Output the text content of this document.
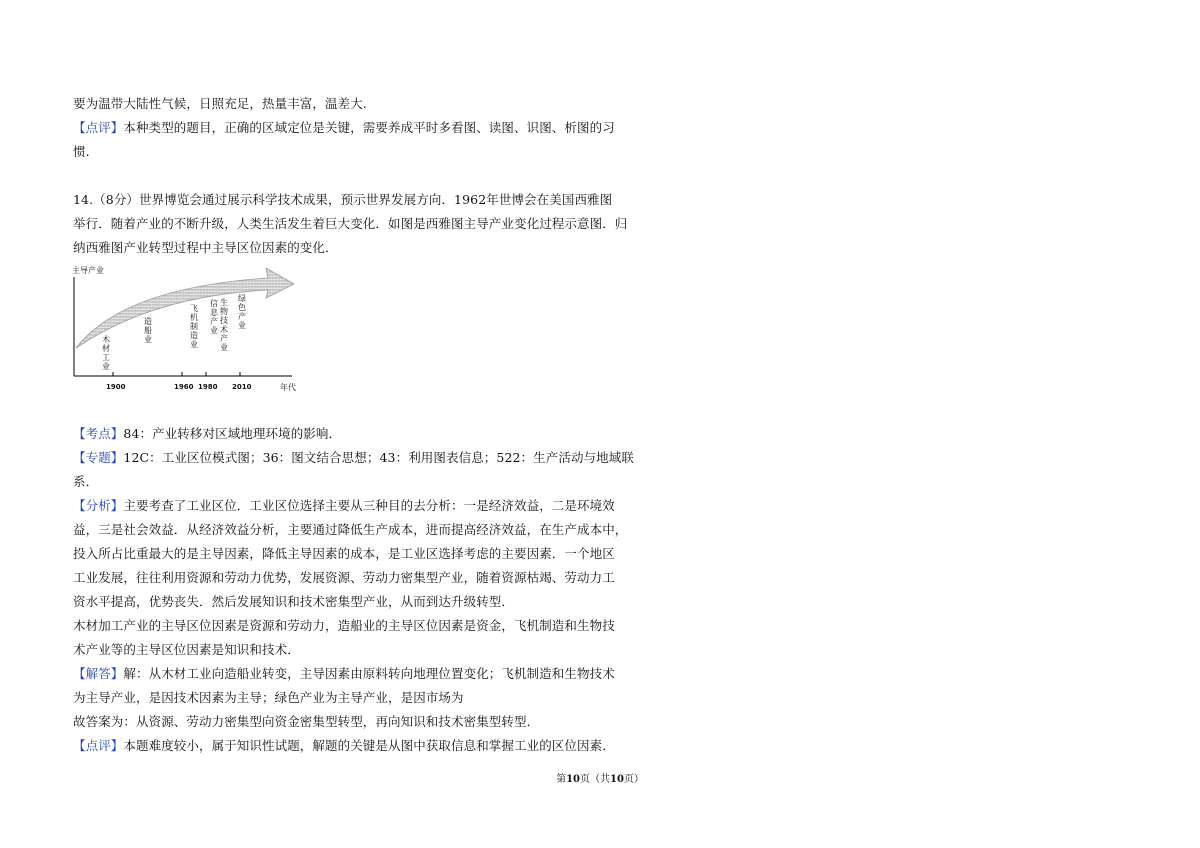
要为温带大陆性气候，日照充足，热量丰富，温差大.
【点评】本种类型的题目，正确的区域定位是关键，需要养成平时多看图、读图、识图、析图的习
惯.
14.（8分）世界博览会通过展示科学技术成果，预示世界发展方向．1962年世博会在美国西雅图
举行．随着产业的不断升级，人类生活发生着巨大变化．如图是西雅图主导产业变化过程示意图．归
纳西雅图产业转型过程中主导区位因素的变化．
主导产业
木材工业
造船业
飞机制造业
信息产业
生物技术产业
绿色产业
1900	1960 1980 2010	年代
【考点】84：产业转移对区域地理环境的影响．
【专题】12C：工业区位模式图；36：图文结合思想；43：利用图表信息；522：生产活动与地域联
系．
【分析】主要考查了工业区位．工业区位选择主要从三种目的去分析：一是经济效益，二是环境效
益，三是社会效益．从经济效益分析，主要通过降低生产成本，进而提高经济效益，在生产成本中，
投入所占比重最大的是主导因素，降低主导因素的成本，是工业区选择考虑的主要因素．一个地区
工业发展，往往利用资源和劳动力优势，发展资源、劳动力密集型产业，随着资源枯竭、劳动力工
资水平提高，优势丧失．然后发展知识和技术密集型产业，从而到达升级转型．
木材加工产业的主导区位因素是资源和劳动力，造船业的主导区位因素是资金，飞机制造和生物技
术产业等的主导区位因素是知识和技术．
【解答】解：从木材工业向造船业转变，主导因素由原料转向地理位置变化；飞机制造和生物技术
为主导产业，是因技术因素为主导；绿色产业为主导产业，是因市场为
故答案为：从资源、劳动力密集型向资金密集型转型，再向知识和技术密集型转型．
【点评】本题难度较小，属于知识性试题，解题的关键是从图中获取信息和掌握工业的区位因素．
第10页（共10页）
